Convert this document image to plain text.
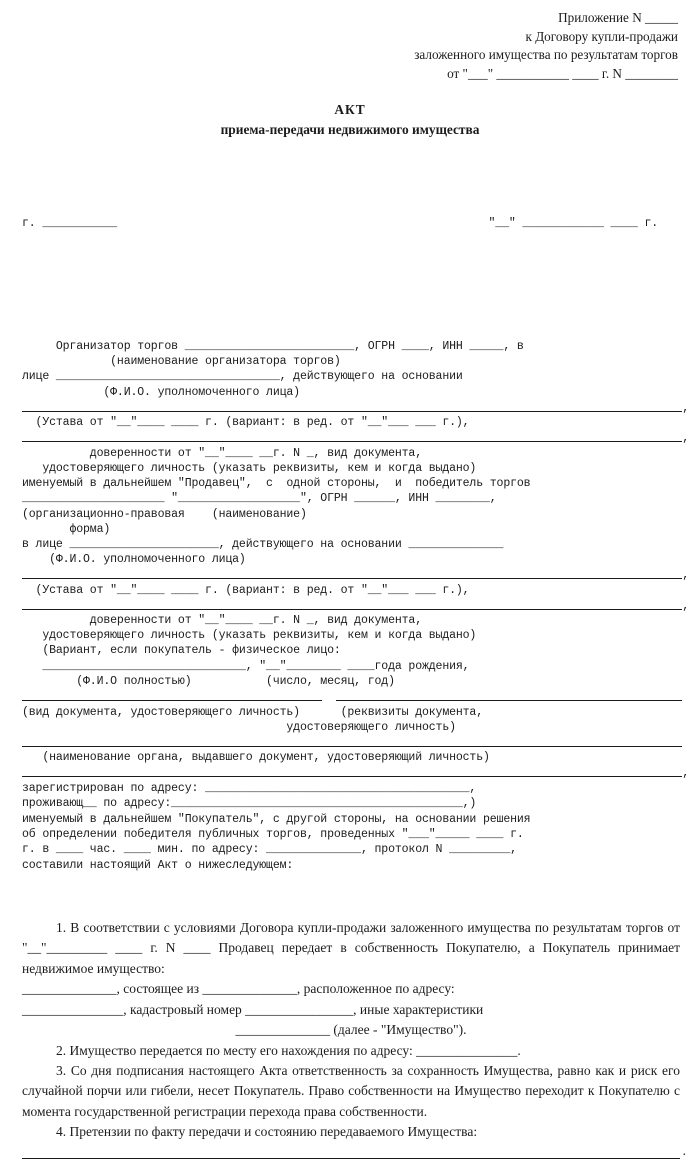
Приложение N _____
к Договору купли-продажи
заложенного имущества по результатам торгов
от "___" ___________ ____ г. N ________
АКТ
приема-передачи недвижимого имущества

г. ___________	"__" ____________ ____ г.

Организатор торгов _________________________, ОГРН ____, ИНН _____, в
(наименование организатора торгов)
лице _________________________________, действующего на основании
(Ф.И.О. уполномоченного лица)
,
(Устава от "__"____ ____ г. (вариант: в ред. от "__"___ ___ г.),
,
доверенности от "__"____ __г. N _, вид документа,
удостоверяющего личность (указать реквизиты, кем и когда выдано)
именуемый в дальнейшем "Продавец",  с  одной стороны,  и  победитель торгов
_____________________ "__________________", ОГРН ______, ИНН ________,
(организационно-правовая    (наименование)
форма)
в лице ______________________, действующего на основании ______________
(Ф.И.О. уполномоченного лица)
,
(Устава от "__"____ ____ г. (вариант: в ред. от "__"___ ___ г.),
,
доверенности от "__"____ __г. N _, вид документа,
удостоверяющего личность (указать реквизиты, кем и когда выдано)
(Вариант, если покупатель - физическое лицо:
______________________________, "__"________ ____года рождения,
(Ф.И.О полностью)           (число, месяц, год)
(вид документа, удостоверяющего личность)      (реквизиты документа,
удостоверяющего личность)
(наименование органа, выдавшего документ, удостоверяющий личность)
,
зарегистрирован по адресу: _______________________________________,
проживающ__ по адресу:___________________________________________,)
именуемый в дальнейшем "Покупатель", с другой стороны, на основании решения
об определении победителя публичных торгов, проведенных "___"_____ ____ г.
г. в ____ час. ____ мин. по адресу: ______________, протокол N _________,
составили настоящий Акт о нижеследующем:

1. В соответствии с условиями Договора купли-продажи заложенного имущества по результатам торгов от "__"_________ ____ г. N ____ Продавец передает в собственность Покупателю, а Покупатель принимает недвижимое имущество:

______________, состоящее из ______________, расположенное по адресу:

_______________, кадастровый номер ________________, иные характеристики

______________ (далее - "Имущество").

2. Имущество передается по месту его нахождения по адресу: _______________.

3. Со дня подписания настоящего Акта ответственность за сохранность Имущества, равно как и риск его случайной порчи или гибели, несет Покупатель. Право собственности на Имущество переходит к Покупателю с момента государственной регистрации перехода права собственности.

4. Претензии по факту передачи и состоянию передаваемого Имущества:

.
